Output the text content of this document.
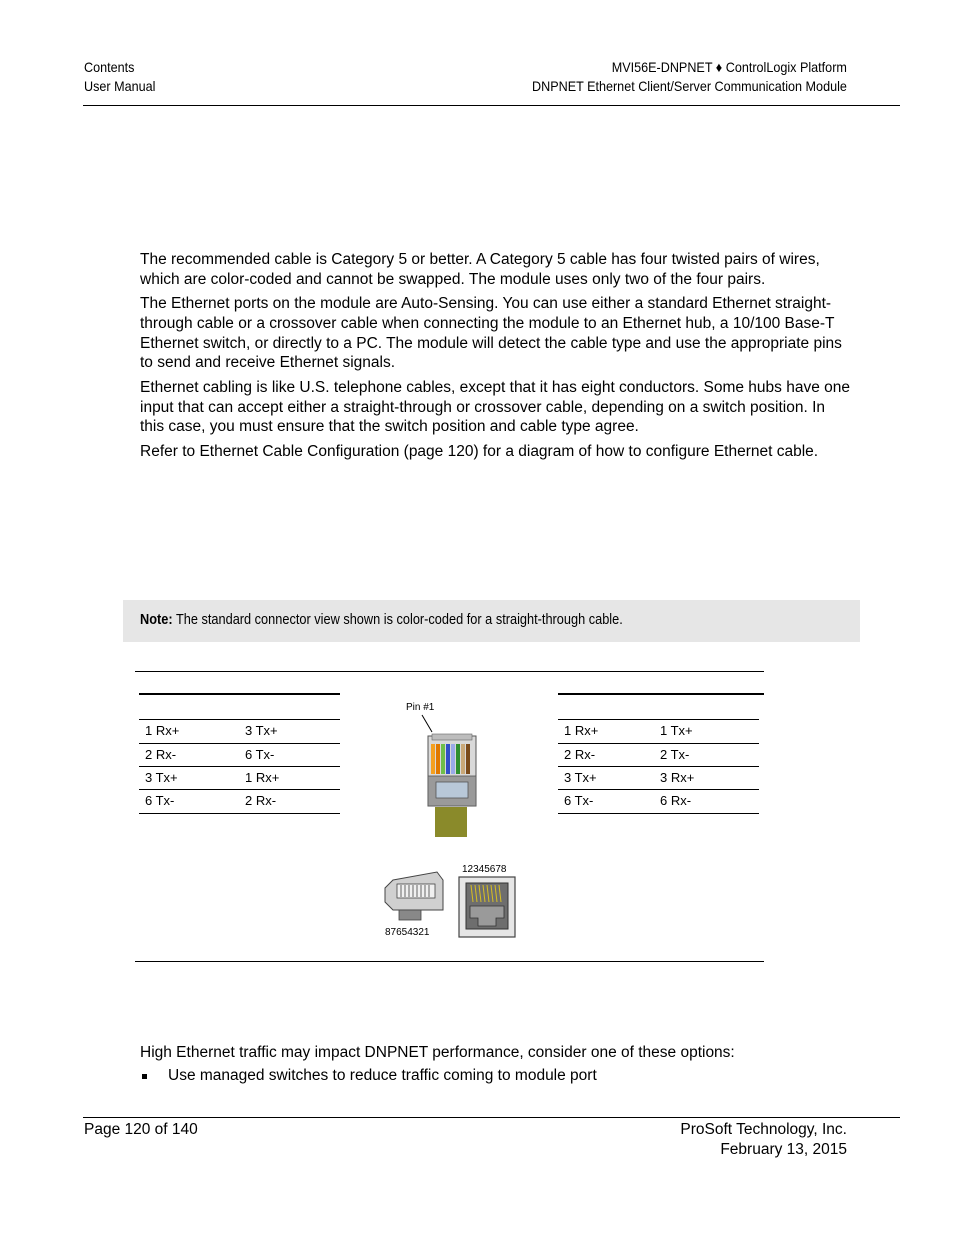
Contents
User Manual
MVI56E-DNPNET ♦ ControlLogix Platform
DNPNET Ethernet Client/Server Communication Module

The recommended cable is Category 5 or better. A Category 5 cable has four twisted pairs of wires, which are color-coded and cannot be swapped. The module uses only two of the four pairs.

The Ethernet ports on the module are Auto-Sensing. You can use either a standard Ethernet straight-through cable or a crossover cable when connecting the module to an Ethernet hub, a 10/100 Base-T Ethernet switch, or directly to a PC. The module will detect the cable type and use the appropriate pins to send and receive Ethernet signals.

Ethernet cabling is like U.S. telephone cables, except that it has eight conductors. Some hubs have one input that can accept either a straight-through or crossover cable, depending on a switch position. In this case, you must ensure that the switch position and cable type agree.

Refer to Ethernet Cable Configuration (page 120) for a diagram of how to configure Ethernet cable.

Note: The standard connector view shown is color-coded for a straight-through cable.
1 Rx+	3 Tx+
2 Rx-	6 Tx-
3 Tx+	1 Rx+
6 Tx-	2 Rx-
1 Rx+	1 Tx+
2 Rx-	2 Tx-
3 Tx+	3 Rx+
6 Tx-	6 Rx-
Pin #1
87654321
12345678
High Ethernet traffic may impact DNPNET performance, consider one of these options:
Use managed switches to reduce traffic coming to module port
Page 120 of 140	ProSoft Technology, Inc.
February 13, 2015
